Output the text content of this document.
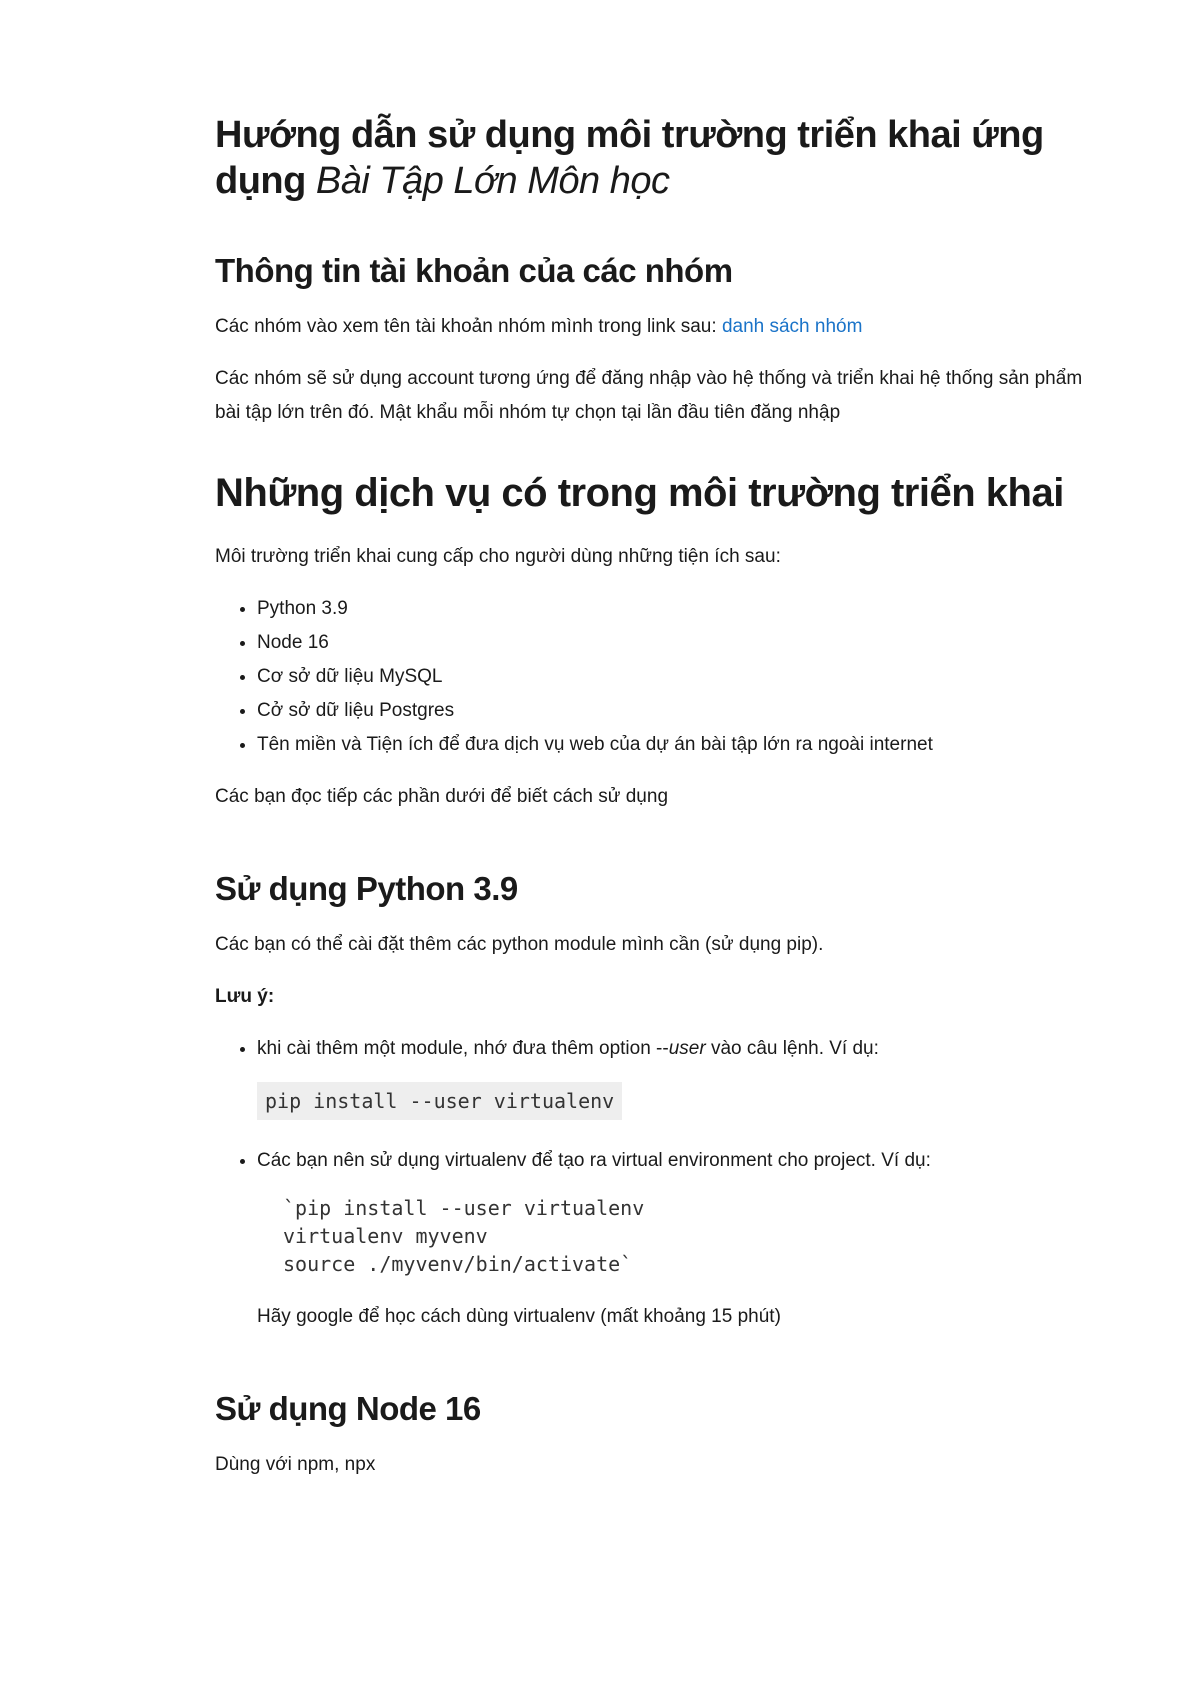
Hướng dẫn sử dụng môi trường triển khai ứng dụng Bài Tập Lớn Môn học
Thông tin tài khoản của các nhóm

Các nhóm vào xem tên tài khoản nhóm mình trong link sau: danh sách nhóm

Các nhóm sẽ sử dụng account tương ứng để đăng nhập vào hệ thống và triển khai hệ thống sản phẩm bài tập lớn trên đó. Mật khẩu mỗi nhóm tự chọn tại lần đầu tiên đăng nhập

Những dịch vụ có trong môi trường triển khai

Môi trường triển khai cung cấp cho người dùng những tiện ích sau:

• Python 3.9
• Node 16
• Cơ sở dữ liệu MySQL
• Cở sở dữ liệu Postgres
• Tên miền và Tiện ích để đưa dịch vụ web của dự án bài tập lớn ra ngoài internet

Các bạn đọc tiếp các phần dưới để biết cách sử dụng

Sử dụng Python 3.9

Các bạn có thể cài đặt thêm các python module mình cần (sử dụng pip).

Lưu ý:

• khi cài thêm một module, nhớ đưa thêm option --user vào câu lệnh. Ví dụ:
pip install --user virtualenv
• Các bạn nên sử dụng virtualenv để tạo ra virtual environment cho project. Ví dụ:
`pip install --user virtualenv
virtualenv myvenv
source ./myvenv/bin/activate`

Hãy google để học cách dùng virtualenv (mất khoảng 15 phút)

Sử dụng Node 16

Dùng với npm, npx
